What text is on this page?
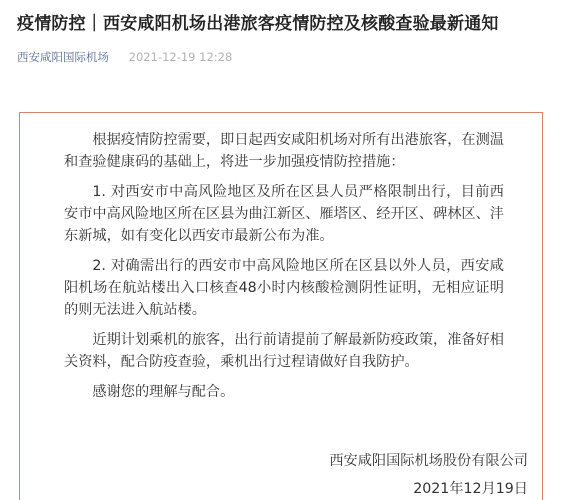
疫情防控｜西安咸阳机场出港旅客疫情防控及核酸查验最新通知
西安咸阳国际机场 2021-12-19 12:28

根据疫情防控需要，即日起西安咸阳机场对所有出港旅客，在测温和查验健康码的基础上，将进一步加强疫情防控措施：

1. 对西安市中高风险地区及所在区县人员严格限制出行，目前西安市中高风险地区所在区县为曲江新区、雁塔区、经开区、碑林区、沣东新城，如有变化以西安市最新公布为准。

2. 对确需出行的西安市中高风险地区所在区县以外人员，西安咸阳机场在航站楼出入口核查48小时内核酸检测阴性证明，无相应证明的则无法进入航站楼。

近期计划乘机的旅客，出行前请提前了解最新防疫政策，准备好相关资料，配合防疫查验，乘机出行过程请做好自我防护。

感谢您的理解与配合。

西安咸阳国际机场股份有限公司
2021年12月19日
